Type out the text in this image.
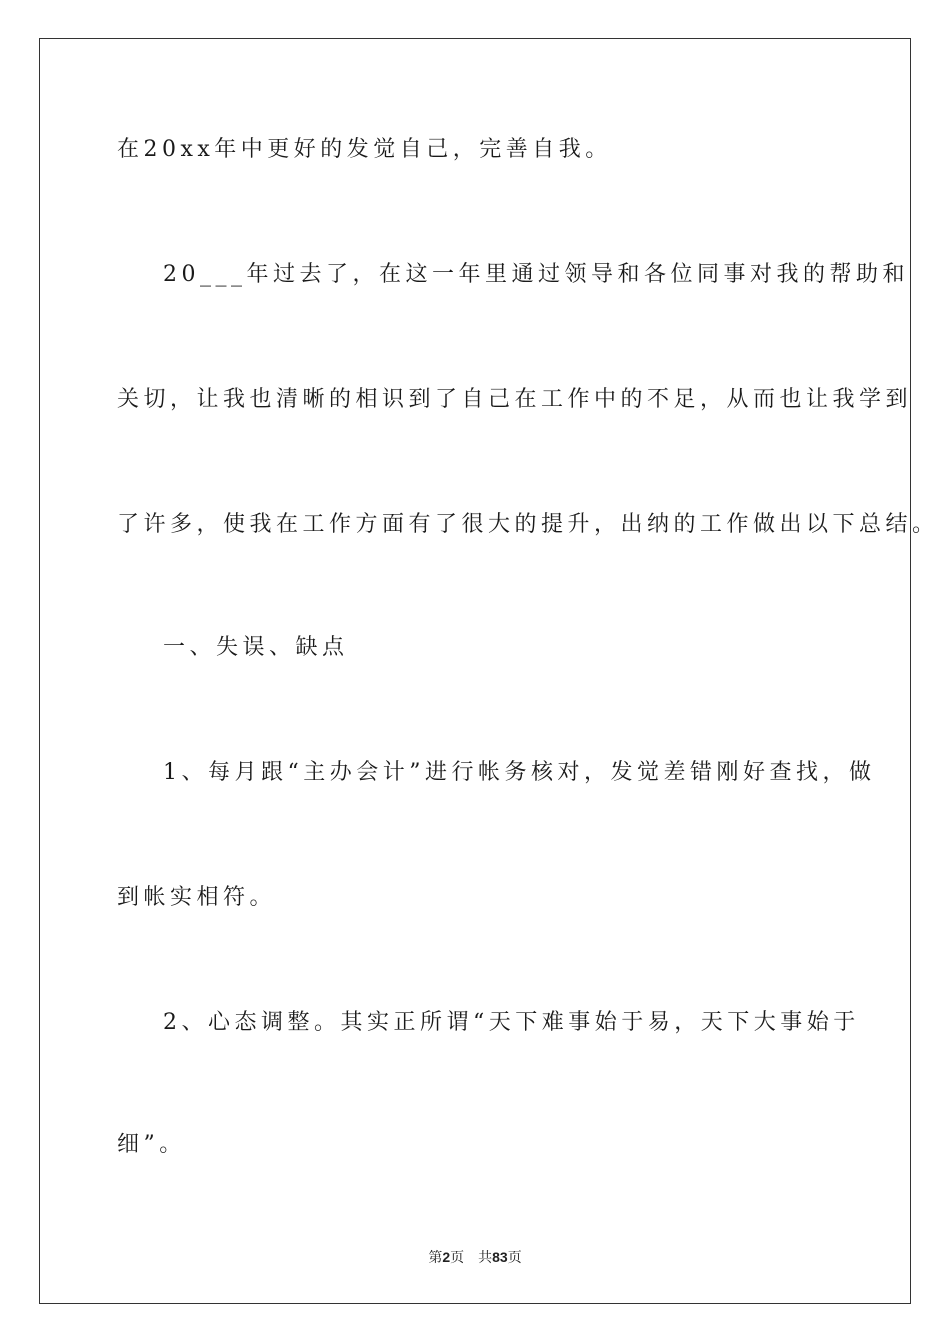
在20xx年中更好的发觉自己，完善自我。
20___年过去了，在这一年里通过领导和各位同事对我的帮助和
关切，让我也清晰的相识到了自己在工作中的不足，从而也让我学到
了许多，使我在工作方面有了很大的提升，出纳的工作做出以下总结。
一、失误、缺点
1、每月跟“主办会计”进行帐务核对，发觉差错刚好查找，做
到帐实相符。
2、心态调整。其实正所谓“天下难事始于易，天下大事始于
细”。
第2页 共83页
